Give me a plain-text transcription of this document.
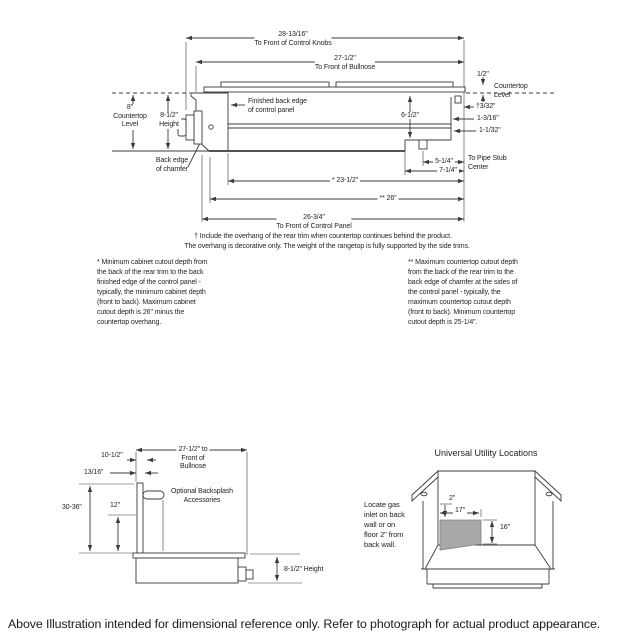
28-13/16"
To Front of Control Knobs
27-1/2"
To Front of Bullnose
1/2"
Countertop
Level
†3/32"
1-3/16"
1-1/32"
6-1/2"
5-1/4" To Pipe Stub
Center
7-1/4"
* 23-1/2"
** 26"
26-3/4"
To Front of Control Panel
8"
Countertop
Level
8-1/2"
Height
Back edge
of chamfer
Finished back edge
of control panel
† Include the overhang of the rear trim when countertop continues behind the product.
The overhang is decorative only. The weight of the rangetop is fully supported by the side trims.
* Minimum cabinet cutout depth from the back of the rear trim to the back finished edge of the control panel - typically, the minimum cabinet depth (front to back). Maximum cabinet cutout depth is 26" minus the countertop overhang.
** Maximum countertop cutout depth from the back of the rear trim to the back edge of chamfer at the sides of the control panel - typically, the maximum countertop cutout depth (front to back). Minimum countertop cutout depth is 25-1/4".
10-1/2"
27-1/2" to
Front of
Bullnose
13/16"
30-36"	12"
Optional Backsplash
Accessories
8-1/2" Height
Universal Utility Locations
Locate gas
inlet on back
wall or on
floor 2" from
back wall.
2"
17"
16"
Above Illustration intended for dimensional reference only. Refer to photograph for actual product appearance.
